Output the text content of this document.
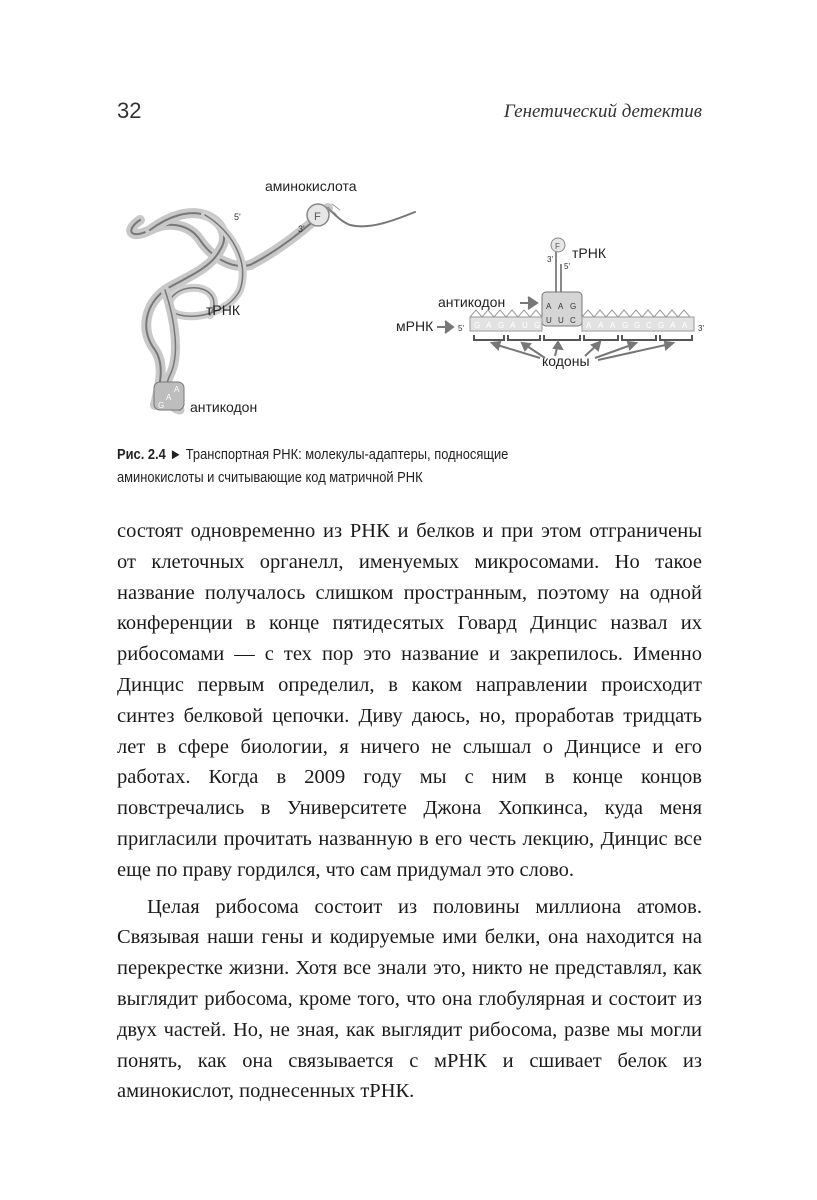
32	Генетический детектив
F
аминокислота
5'
3'
тРНК
G
A
A
антикодон
F тРНК
3'
5'
A A G
U U C
антикодон
мРНК	5' G A G A U G	A A A G G C G A A 3'
кодоны
Рис. 2.4 ► Транспортная РНК: молекулы-адаптеры, подносящие
аминокислоты и считывающие код матричной РНК

состоят одновременно из РНК и белков и при этом отграничены от клеточных органелл, именуемых микросомами. Но такое название получалось слишком пространным, поэтому на одной конференции в конце пятидесятых Говард Динцис назвал их рибосомами — с тех пор это название и закрепилось. Именно Динцис первым определил, в каком направлении происходит синтез белковой цепочки. Диву даюсь, но, проработав тридцать лет в сфере биологии, я ничего не слышал о Динцисе и его работах. Когда в 2009 году мы с ним в конце концов повстречались в Университете Джона Хопкинса, куда меня пригласили прочитать названную в его честь лекцию, Динцис все еще по праву гордился, что сам придумал это слово.

Целая рибосома состоит из половины миллиона атомов. Связывая наши гены и кодируемые ими белки, она находится на перекрестке жизни. Хотя все знали это, никто не представлял, как выглядит рибосома, кроме того, что она глобулярная и состоит из двух частей. Но, не зная, как выглядит рибосома, разве мы могли понять, как она связывается с мРНК и сшивает белок из аминокислот, поднесенных тРНК.
